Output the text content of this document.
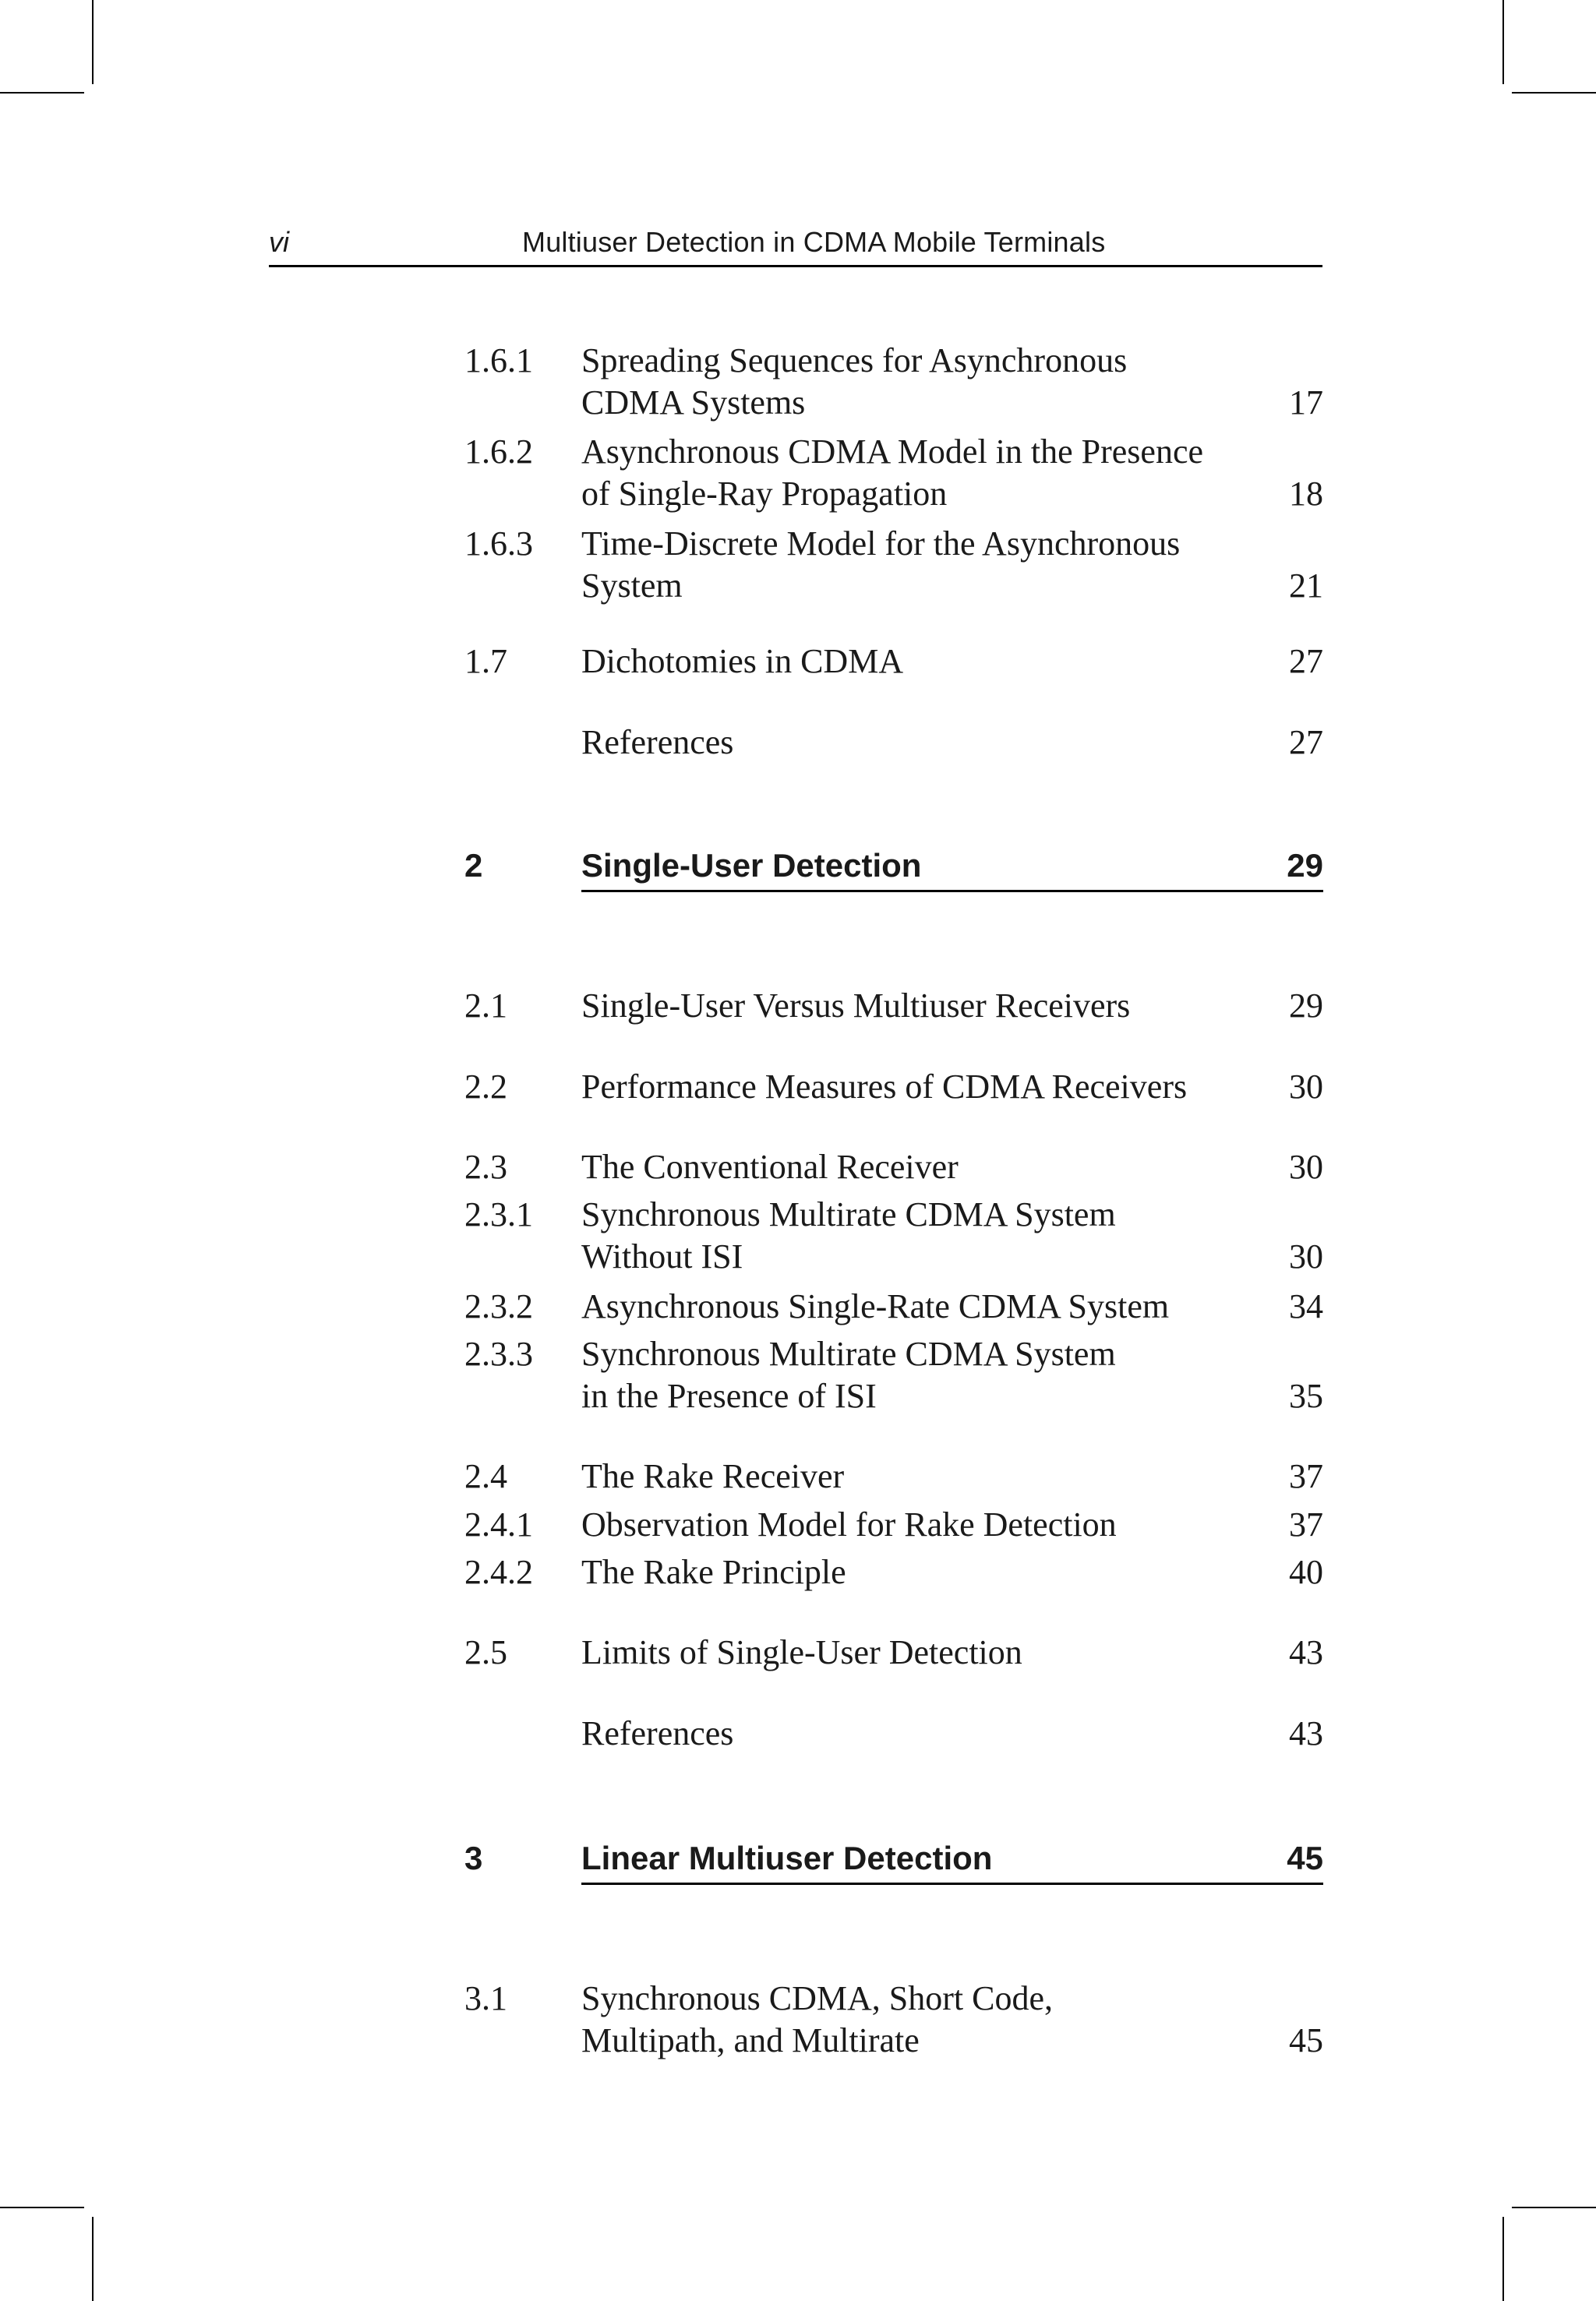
vi	Multiuser Detection in CDMA Mobile Terminals
1.6.1 Spreading Sequences for Asynchronous
CDMA Systems	17
1.6.2 Asynchronous CDMA Model in the Presence
of Single-Ray Propagation	18
1.6.3 Time-Discrete Model for the Asynchronous
System	21
1.7 Dichotomies in CDMA	27
References	27
2	Single-User Detection	29
2.1 Single-User Versus Multiuser Receivers	29
2.2 Performance Measures of CDMA Receivers	30
2.3 The Conventional Receiver	30
2.3.1 Synchronous Multirate CDMA System
Without ISI	30
2.3.2 Asynchronous Single-Rate CDMA System	34
2.3.3 Synchronous Multirate CDMA System
in the Presence of ISI	35
2.4 The Rake Receiver	37
2.4.1 Observation Model for Rake Detection	37
2.4.2 The Rake Principle	40
2.5 Limits of Single-User Detection	43
References	43
3	Linear Multiuser Detection	45
3.1 Synchronous CDMA, Short Code,
Multipath, and Multirate	45
